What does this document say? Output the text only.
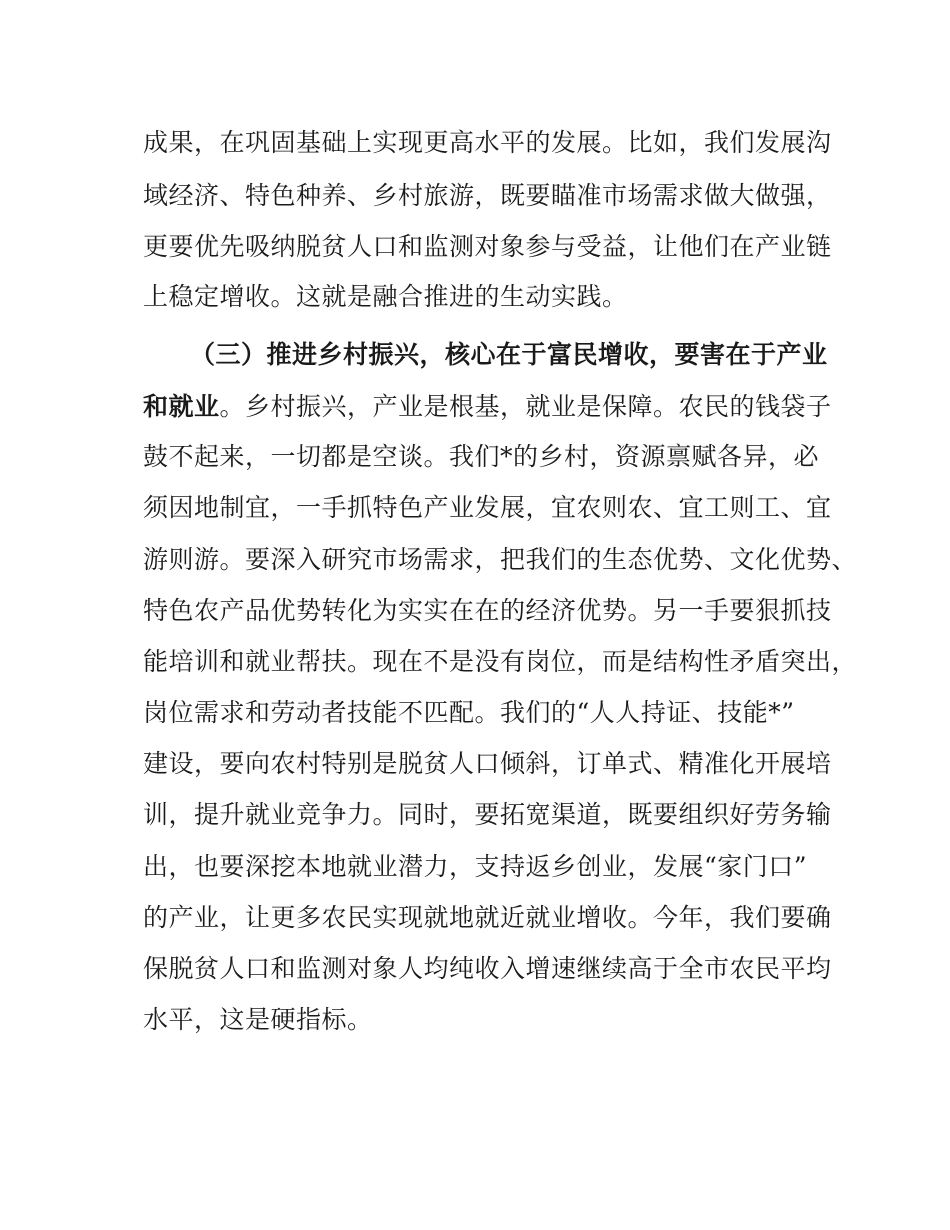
成果，在巩固基础上实现更高水平的发展。比如，我们发展沟
域经济、特色种养、乡村旅游，既要瞄准市场需求做大做强，
更要优先吸纳脱贫人口和监测对象参与受益，让他们在产业链
上稳定增收。这就是融合推进的生动实践。
（三）推进乡村振兴，核心在于富民增收，要害在于产业
和就业。乡村振兴，产业是根基，就业是保障。农民的钱袋子
鼓不起来，一切都是空谈。我们*的乡村，资源禀赋各异，必
须因地制宜，一手抓特色产业发展，宜农则农、宜工则工、宜
游则游。要深入研究市场需求，把我们的生态优势、文化优势、
特色农产品优势转化为实实在在的经济优势。另一手要狠抓技
能培训和就业帮扶。现在不是没有岗位，而是结构性矛盾突出，
岗位需求和劳动者技能不匹配。我们的“人人持证、技能*”
建设，要向农村特别是脱贫人口倾斜，订单式、精准化开展培
训，提升就业竞争力。同时，要拓宽渠道，既要组织好劳务输
出，也要深挖本地就业潜力，支持返乡创业，发展“家门口”
的产业，让更多农民实现就地就近就业增收。今年，我们要确
保脱贫人口和监测对象人均纯收入增速继续高于全市农民平均
水平，这是硬指标。
